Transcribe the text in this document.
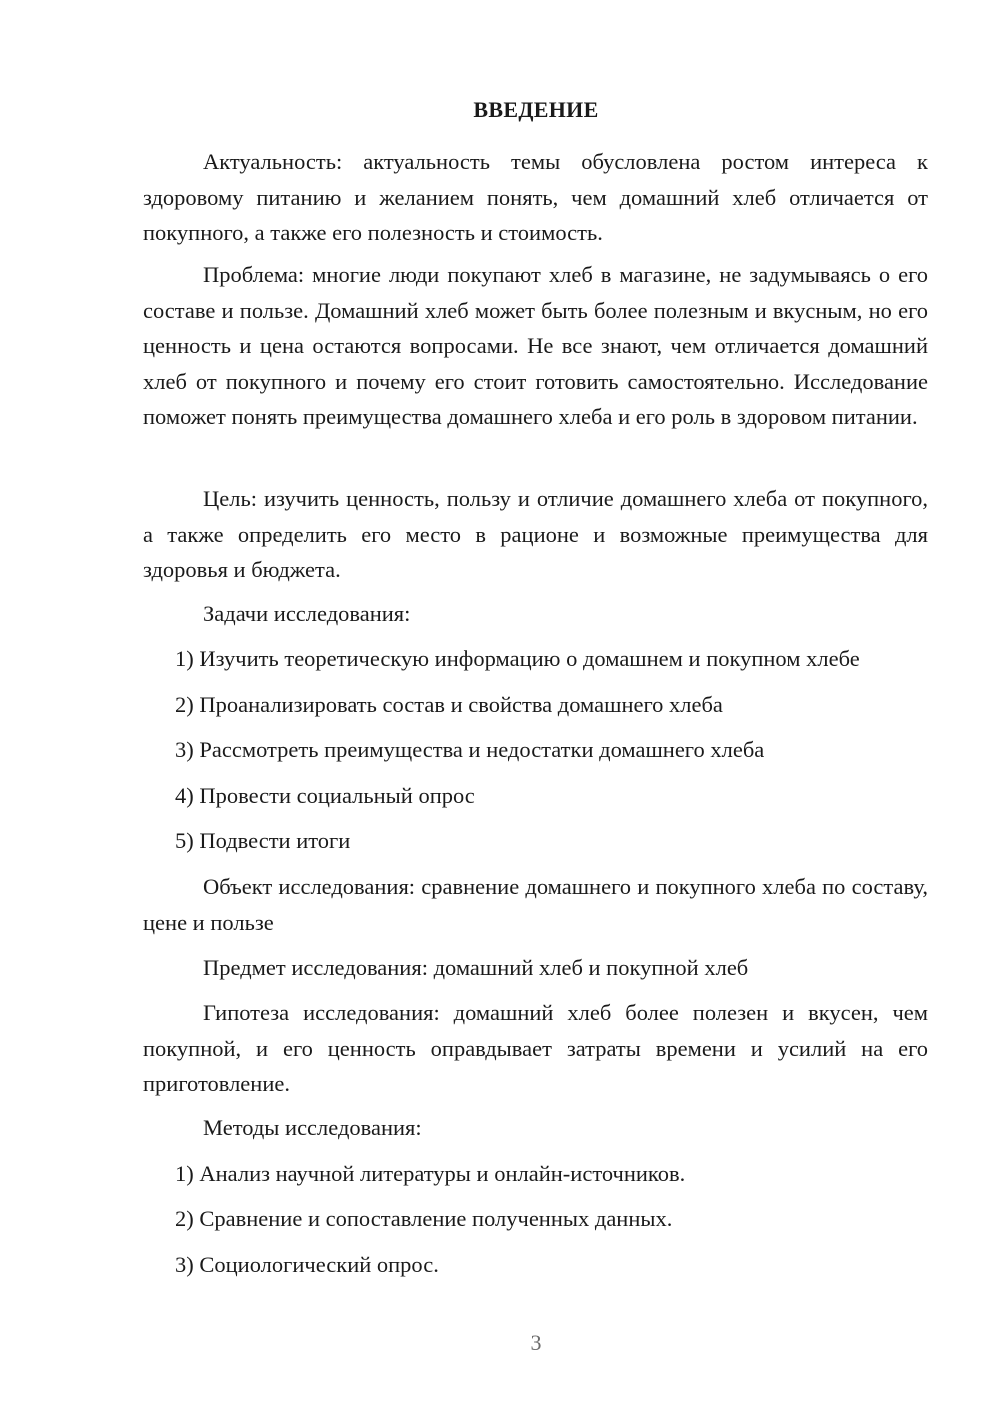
ВВЕДЕНИЕ

Актуальность: актуальность темы обусловлена ростом интереса к здоровому питанию и желанием понять, чем домашний хлеб отличается от покупного, а также его полезность и стоимость.

Проблема: многие люди покупают хлеб в магазине, не задумываясь о его составе и пользе. Домашний хлеб может быть более полезным и вкусным, но его ценность и цена остаются вопросами. Не все знают, чем отличается домашний хлеб от покупного и почему его стоит готовить самостоятельно. Исследование поможет понять преимущества домашнего хлеба и его роль в здоровом питании.

Цель: изучить ценность, пользу и отличие домашнего хлеба от покупного, а также определить его место в рационе и возможные преимущества для здоровья и бюджета.

Задачи исследования:

1) Изучить теоретическую информацию о домашнем и покупном хлебе

2) Проанализировать состав и свойства домашнего хлеба

3) Рассмотреть преимущества и недостатки домашнего хлеба

4) Провести социальный опрос

5) Подвести итоги

Объект исследования: сравнение домашнего и покупного хлеба по составу, цене и пользе

Предмет исследования: домашний хлеб и покупной хлеб

Гипотеза исследования: домашний хлеб более полезен и вкусен, чем покупной, и его ценность оправдывает затраты времени и усилий на его приготовление.

Методы исследования:

1) Анализ научной литературы и онлайн-источников.

2) Сравнение и сопоставление полученных данных.

3) Социологический опрос.

3
